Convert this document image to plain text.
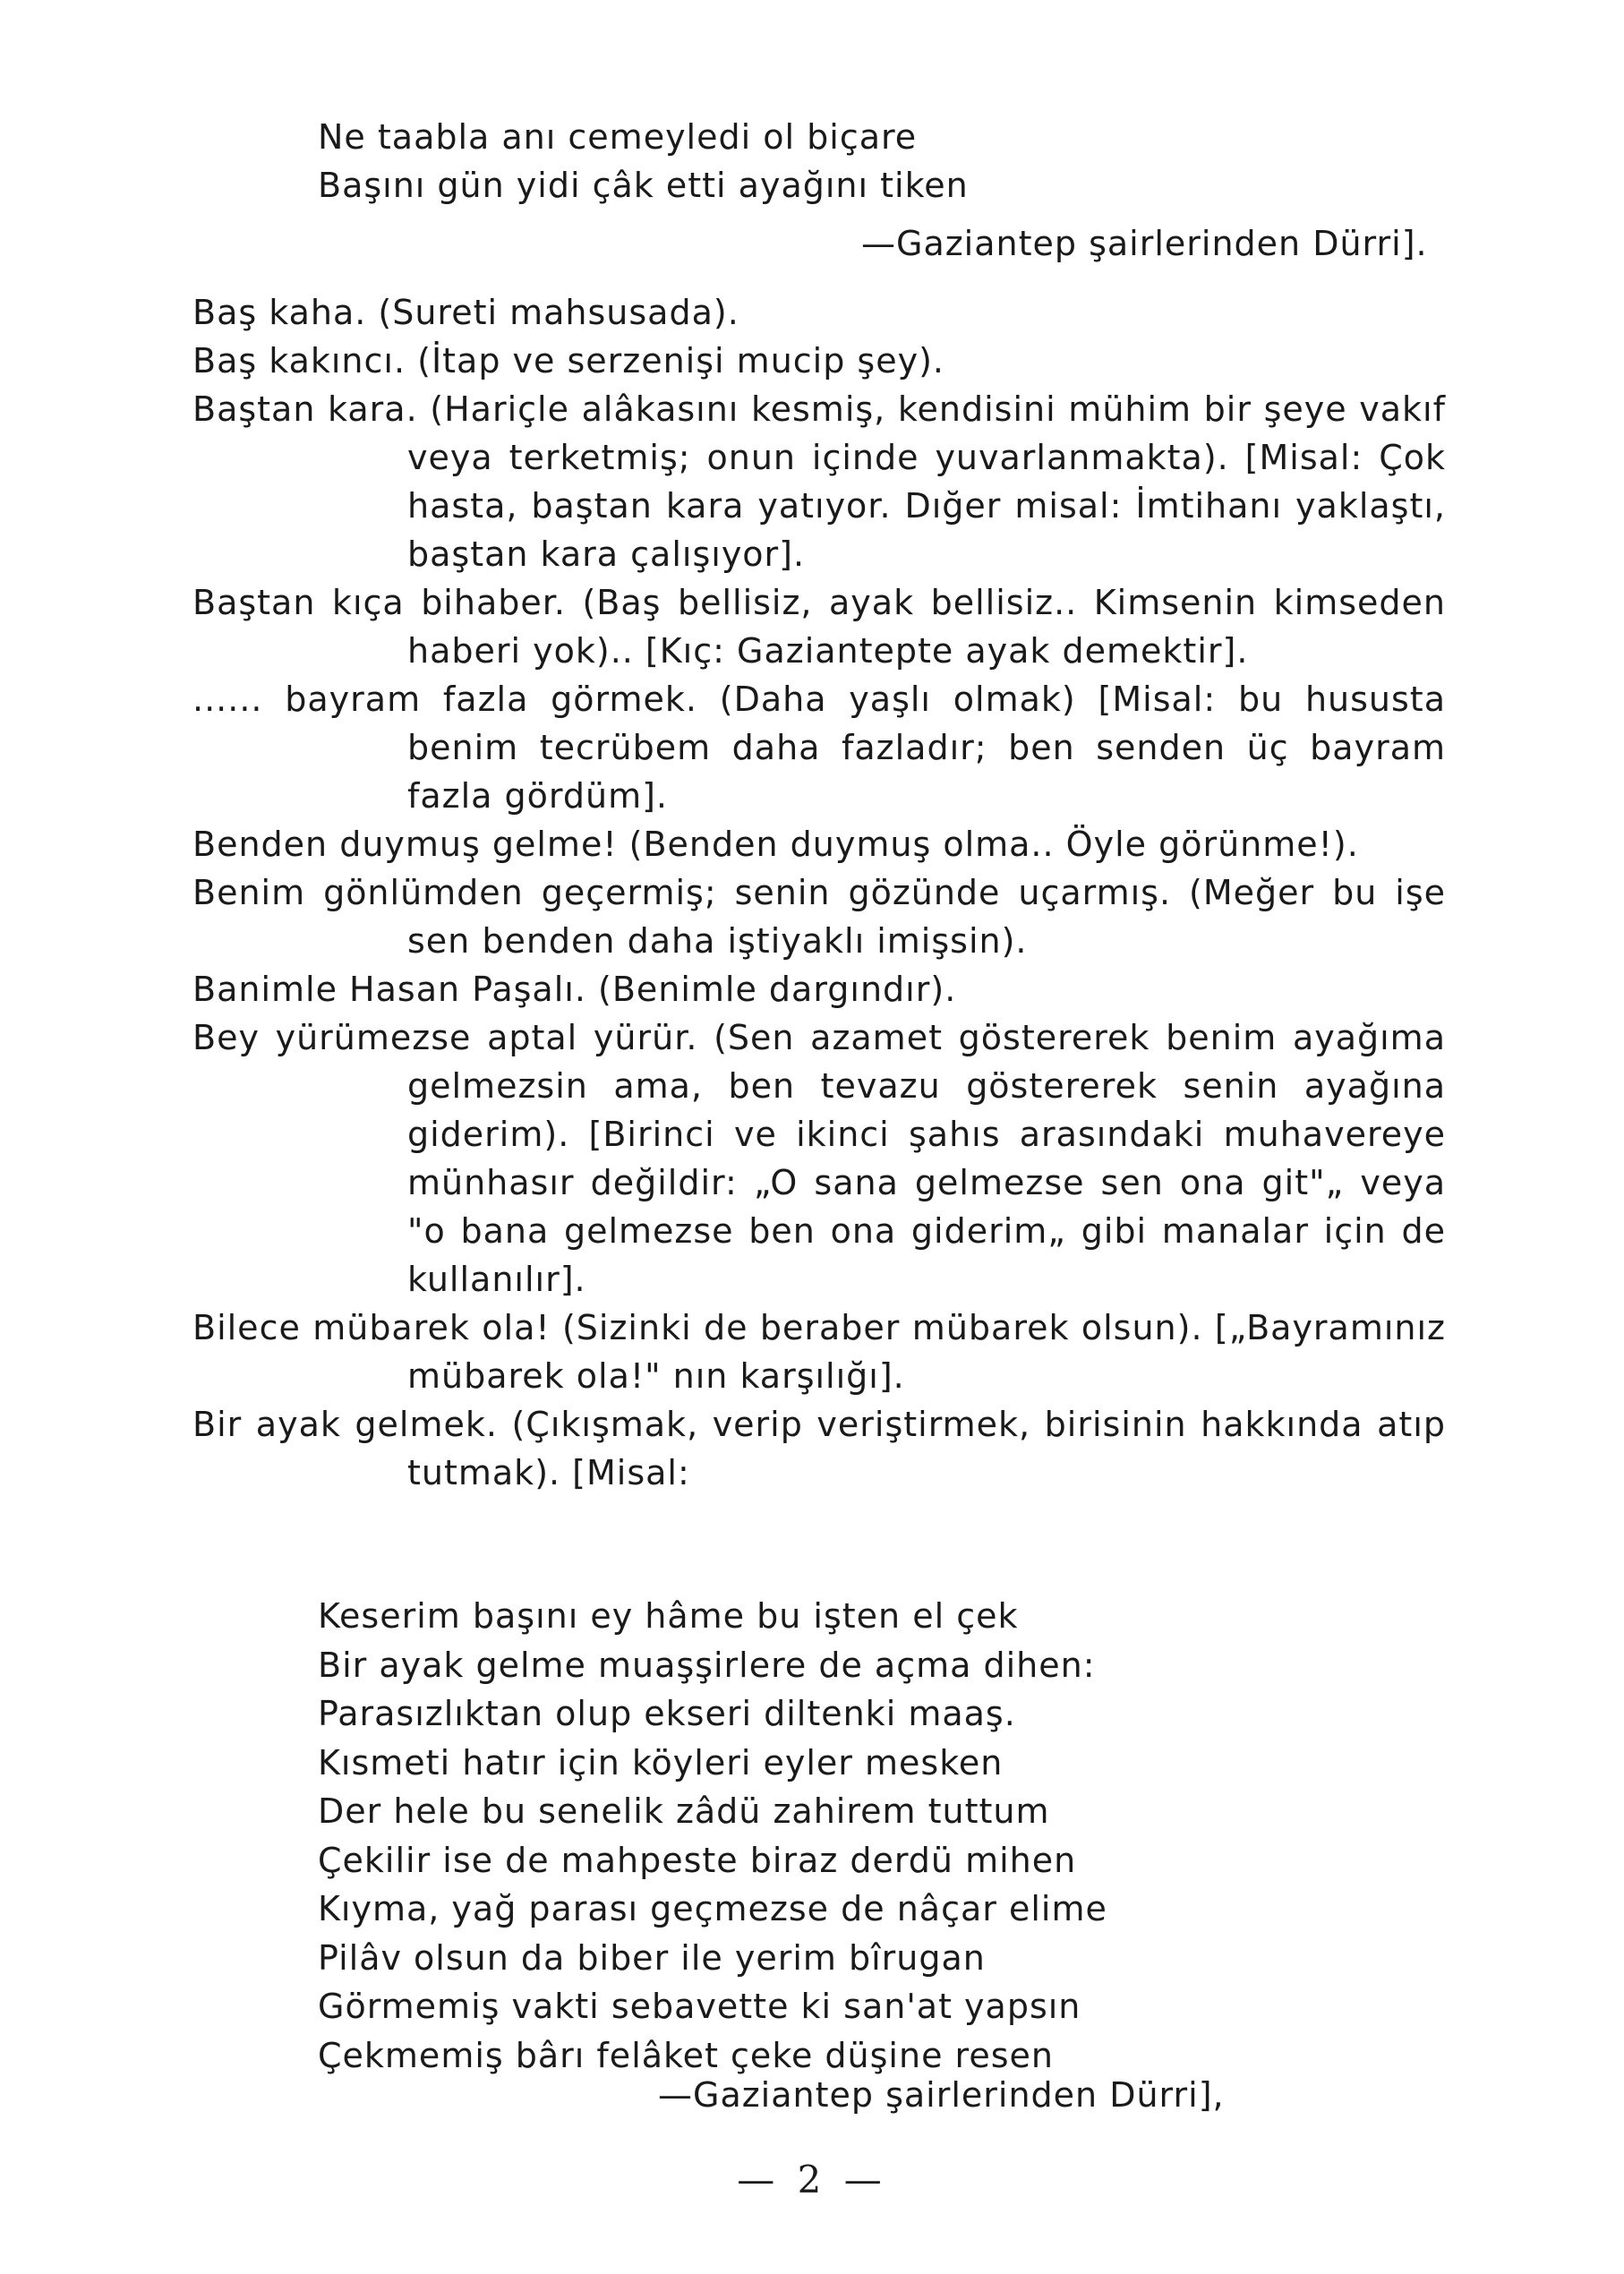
Ne taabla anı cemeyledi ol biçare
Başını gün yidi çâk etti ayağını tiken
—Gaziantep şairlerinden Dürri].

Baş kaha. (Sureti mahsusada).

Baş kakıncı. (İtap ve serzenişi mucip şey).

Baştan kara. (Hariçle alâkasını kesmiş, kendisini mühim bir şeye vakıf veya terketmiş; onun içinde yuvarlanmakta). [Misal: Çok hasta, baştan kara yatıyor. Dığer misal: İmtihanı yaklaştı, baştan kara çalışıyor].

Baştan kıça bihaber. (Baş bellisiz, ayak bellisiz.. Kimsenin kimseden haberi yok).. [Kıç: Gaziantepte ayak demektir].

...... bayram fazla görmek. (Daha yaşlı olmak) [Misal: bu hususta benim tecrübem daha fazladır; ben senden üç bayram fazla gördüm].

Benden duymuş gelme! (Benden duymuş olma.. Öyle görünme!).

Benim gönlümden geçermiş; senin gözünde uçarmış. (Meğer bu işe sen benden daha iştiyaklı imişsin).

Banimle Hasan Paşalı. (Benimle dargındır).

Bey yürümezse aptal yürür. (Sen azamet göstererek benim ayağıma gelmezsin ama, ben tevazu göstererek senin ayağına giderim). [Birinci ve ikinci şahıs arasındaki muhavereye münhasır değildir: „O sana gelmezse sen ona git"„ veya "o bana gelmezse ben ona giderim„ gibi manalar için de kullanılır].

Bilece mübarek ola! (Sizinki de beraber mübarek olsun). [„Bayramınız mübarek ola!" nın karşılığı].

Bir ayak gelmek. (Çıkışmak, verip veriştirmek, birisinin hakkında atıp tutmak). [Misal:

Keserim başını ey hâme bu işten el çek
Bir ayak gelme muaşşirlere de açma dihen:
Parasızlıktan olup ekseri diltenki maaş.
Kısmeti hatır için köyleri eyler mesken
Der hele bu senelik zâdü zahirem tuttum
Çekilir ise de mahpeste biraz derdü mihen
Kıyma, yağ parası geçmezse de nâçar elime
Pilâv olsun da biber ile yerim bîrugan
Görmemiş vakti sebavette ki san'at yapsın
Çekmemiş bârı felâket çeke düşine resen
—Gaziantep şairlerinden Dürri],
— 2 —
